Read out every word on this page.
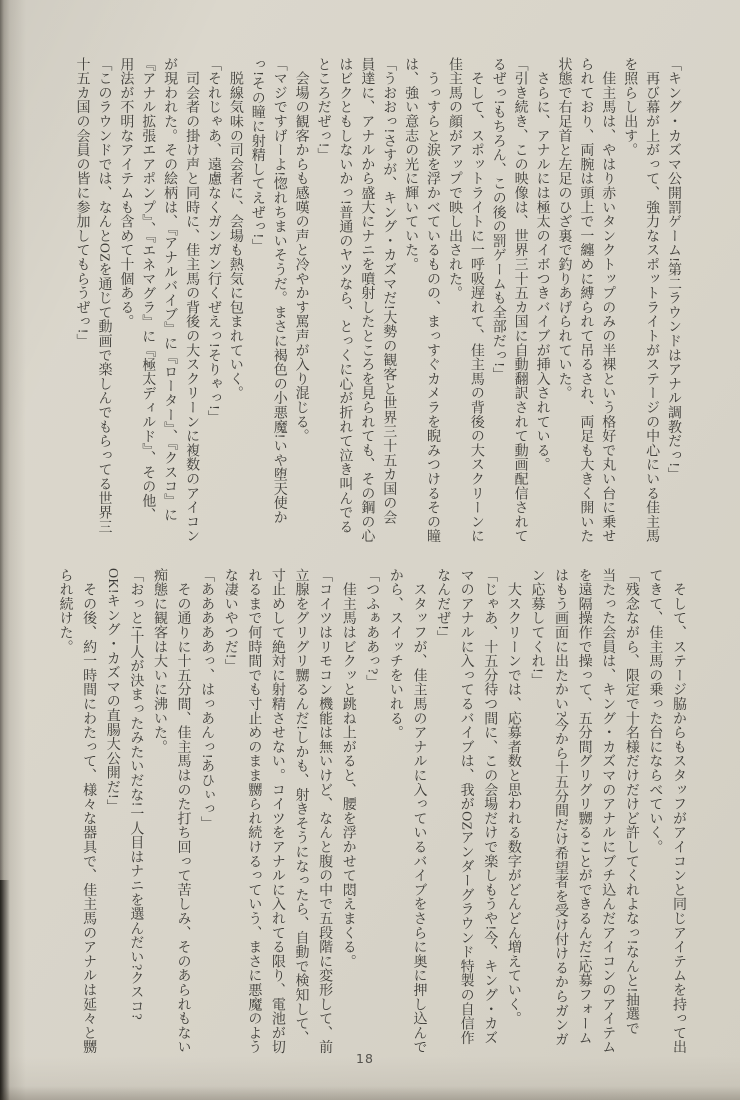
「キング・カズマ公開罰ゲーム!第二ラウンドはアナル調教だっ!」
　再び幕が上がって、強力なスポットライトがステージの中心にいる佳主馬
を照らし出す。
　佳主馬は、やはり赤いタンクトップのみの半裸という格好で丸い台に乗せ
られており、両腕は頭上で一纏めに縛られて吊るされ、両足も大きく開いた
状態で右足首と左足のひざ裏で釣りあげられていた。
　さらに、アナルには極太のイボつきバイブが挿入されている。
「引き続き、この映像は、世界三十五カ国に自動翻訳されて動画配信されて
るぜっ!もちろん、この後の罰ゲームも全部だっ!」
　そして、スポットライトに一呼吸遅れて、佳主馬の背後の大スクリーンに
佳主馬の顔がアップで映し出された。
　うっすらと涙を浮かべているものの、まっすぐカメラを睨みつけるその瞳
は、強い意志の光に輝いていた。
「うおおっ!さすが、キング・カズマだ!大勢の観客と世界三十五カ国の会
員達に、アナルから盛大にナニを噴射したところを見られても、その鋼の心
はビクともしないかっ!普通のヤツなら、とっくに心が折れて泣き叫んでる
ところだぜっ!」
　会場の観客からも感嘆の声と冷やかす罵声が入り混じる。
「マジですげーよ!惚れちまいそうだ。まさに褐色の小悪魔!いや堕天使か
っ!その瞳に射精してえぜっ!」
　脱線気味の司会者に、会場も熱気に包まれていく。
「それじゃあ、遠慮なくガンガン行くぜえっ!そりゃっ!」
　司会者の掛け声と同時に、佳主馬の背後の大スクリーンに複数のアイコン
が現われた。その絵柄は、『アナルバイブ』に『ローター』、『クスコ』に
『アナル拡張エアポンプ』、『エネマグラ』に『極太ディルド』、その他、
用法が不明なアイテムも含めて十個ある。
「このラウンドでは、なんとOZを通じて動画で楽しんでもらってる世界三
十五カ国の会員の皆に参加してもらうぜっ!」
　そして、ステージ脇からもスタッフがアイコンと同じアイテムを持って出
てきて、佳主馬の乗った台にならべていく。
「残念ながら、限定で十名様だけだけど許してくれよなっ!なんと!抽選で
当たった会員は、キング・カズマのアナルにブチ込んだアイコンのアイテム
を遠隔操作で操って、五分間グリグリ嬲ることができるんだ!応募フォーム
はもう画面に出たかい?今から十五分間だけ希望者を受け付けるからガンガ
ン応募してくれ!」
　大スクリーンでは、応募者数と思われる数字がどんどん増えていく。
「じゃあ、十五分待つ間に、この会場だけで楽しもうや!今、キング・カズ
マのアナルに入ってるバイブは、我がOZアンダーグラウンド特製の自信作
なんだぜ!」
　スタッフが、佳主馬のアナルに入っているバイブをさらに奥に押し込んで
から、スイッチをいれる。
「つふぁああっ?」
　佳主馬はビクッと跳ね上がると、腰を浮かせて悶えまくる。
「コイツはリモコン機能は無いけど、なんと腹の中で五段階に変形して、前
立腺をグリグリ嬲るんだ!しかも、射きそうになったら、自動で検知して、
寸止めして絶対に射精させない。コイツをアナルに入れてる限り、電池が切
れるまで何時間でも寸止めのまま嬲られ続けるっていう、まさに悪魔のよう
な凄いやつだ!」
「あああああっ、はっあんっ!あひぃっ」
　その通りに十五分間、佳主馬はのた打ち回って苦しみ、そのあられもない
痴態に観客は大いに沸いた。
「おっと!十人が決まったみたいだな!一人目はナニを選んだい?クスコ?
OK!キング・カズマの直腸大公開だ!」
　その後、約一時間にわたって、様々な器具で、佳主馬のアナルは延々と嬲
られ続けた。
18
